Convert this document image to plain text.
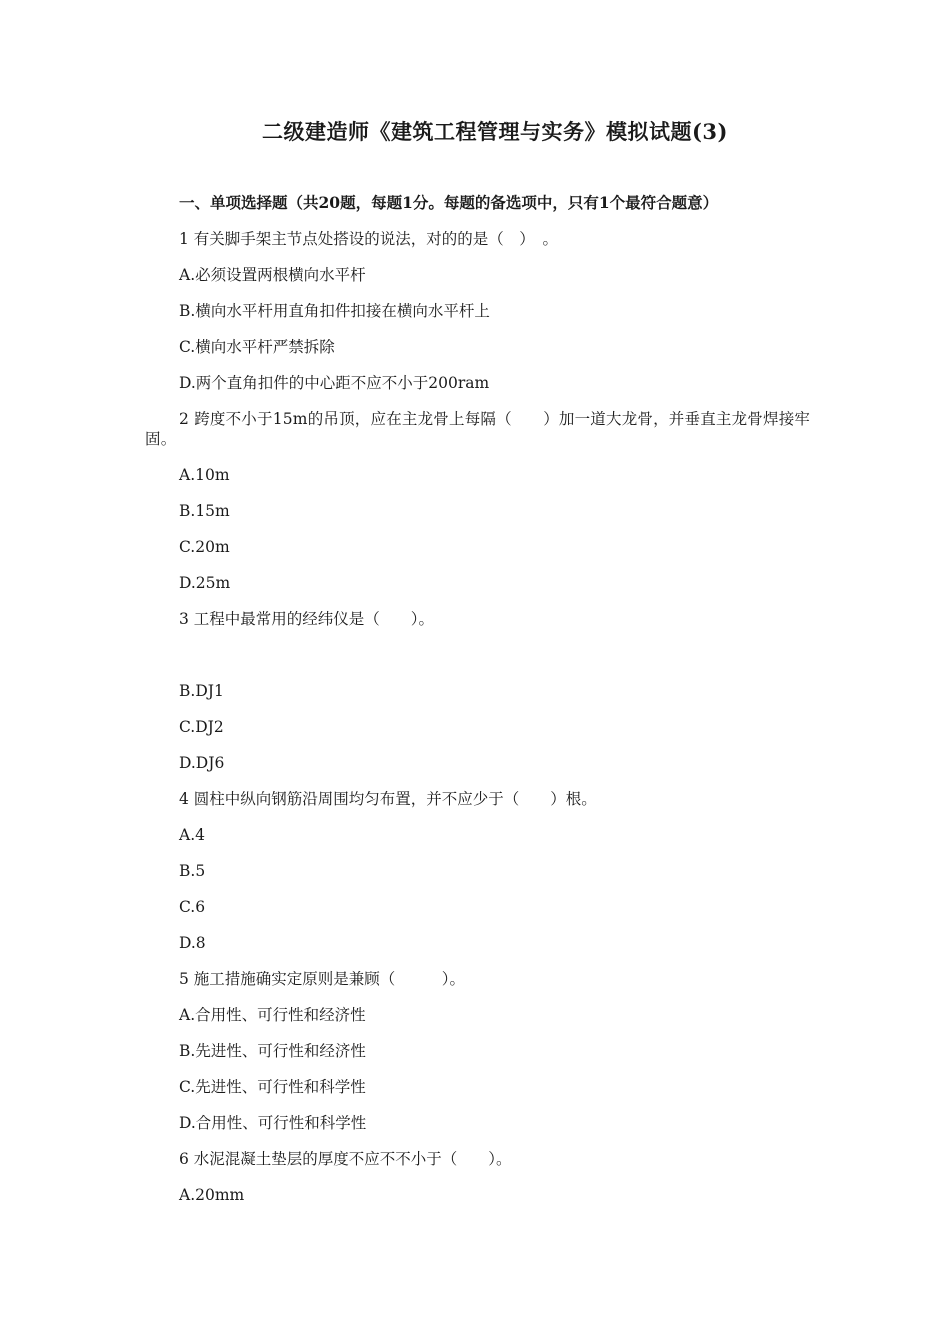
二级建造师《建筑工程管理与实务》模拟试题(3)
一、单项选择题（共20题，每题1分。每题的备选项中，只有1个最符合题意）
1 有关脚手架主节点处搭设的说法，对的的是（　）　。
A.必须设置两根横向水平杆
B.横向水平杆用直角扣件扣接在横向水平杆上
C.横向水平杆严禁拆除
D.两个直角扣件的中心距不应不小于200ram
2 跨度不小于15m的吊顶，应在主龙骨上每隔（　　）加一道大龙骨，并垂直主龙骨焊接牢固。
A.10m
B.15m
C.20m
D.25m
3 工程中最常用的经纬仪是（　　）。
B.DJ1
C.DJ2
D.DJ6
4 圆柱中纵向钢筋沿周围均匀布置，并不应少于（　　）根。
A.4
B.5
C.6
D.8
5 施工措施确实定原则是兼顾（　　　）。
A.合用性、可行性和经济性
B.先进性、可行性和经济性
C.先进性、可行性和科学性
D.合用性、可行性和科学性
6 水泥混凝土垫层的厚度不应不不小于（　　）。
A.20mm
